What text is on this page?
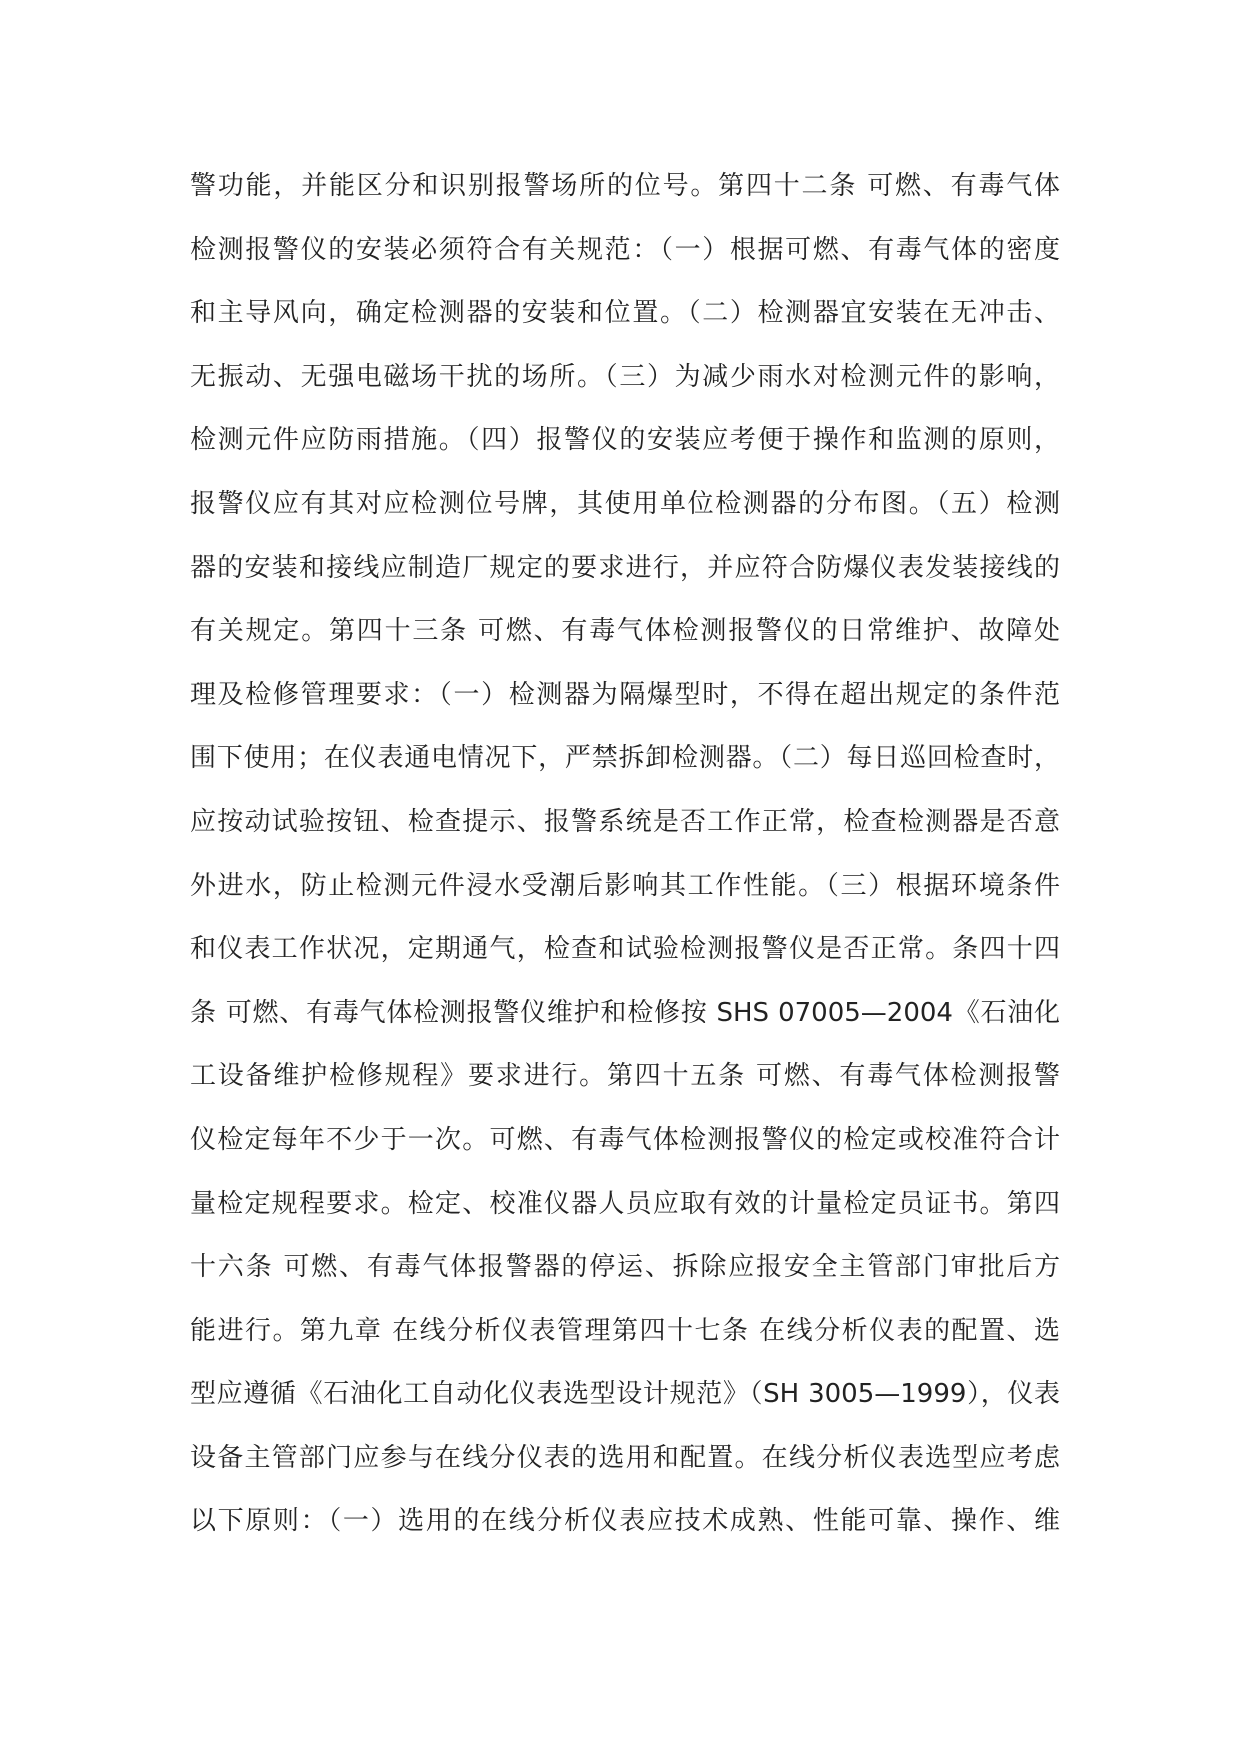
警功能，并能区分和识别报警场所的位号。第四十二条 可燃、有毒气体
检测报警仪的安装必须符合有关规范：（一）根据可燃、有毒气体的密度
和主导风向，确定检测器的安装和位置。（二）检测器宜安装在无冲击、
无振动、无强电磁场干扰的场所。（三）为减少雨水对检测元件的影响，
检测元件应防雨措施。（四）报警仪的安装应考便于操作和监测的原则，
报警仪应有其对应检测位号牌，其使用单位检测器的分布图。（五）检测
器的安装和接线应制造厂规定的要求进行，并应符合防爆仪表发装接线的
有关规定。第四十三条 可燃、有毒气体检测报警仪的日常维护、故障处
理及检修管理要求：（一）检测器为隔爆型时，不得在超出规定的条件范
围下使用；在仪表通电情况下，严禁拆卸检测器。（二）每日巡回检查时，
应按动试验按钮、检查提示、报警系统是否工作正常，检查检测器是否意
外进水，防止检测元件浸水受潮后影响其工作性能。（三）根据环境条件
和仪表工作状况，定期通气，检查和试验检测报警仪是否正常。条四十四
条 可燃、有毒气体检测报警仪维护和检修按 SHS 07005—2004《石油化
工设备维护检修规程》要求进行。第四十五条 可燃、有毒气体检测报警
仪检定每年不少于一次。可燃、有毒气体检测报警仪的检定或校准符合计
量检定规程要求。检定、校准仪器人员应取有效的计量检定员证书。第四
十六条 可燃、有毒气体报警器的停运、拆除应报安全主管部门审批后方
能进行。第九章 在线分析仪表管理第四十七条 在线分析仪表的配置、选
型应遵循《石油化工自动化仪表选型设计规范》（SH 3005—1999），仪表
设备主管部门应参与在线分仪表的选用和配置。在线分析仪表选型应考虑
以下原则：（一）选用的在线分析仪表应技术成熟、性能可靠、操作、维
